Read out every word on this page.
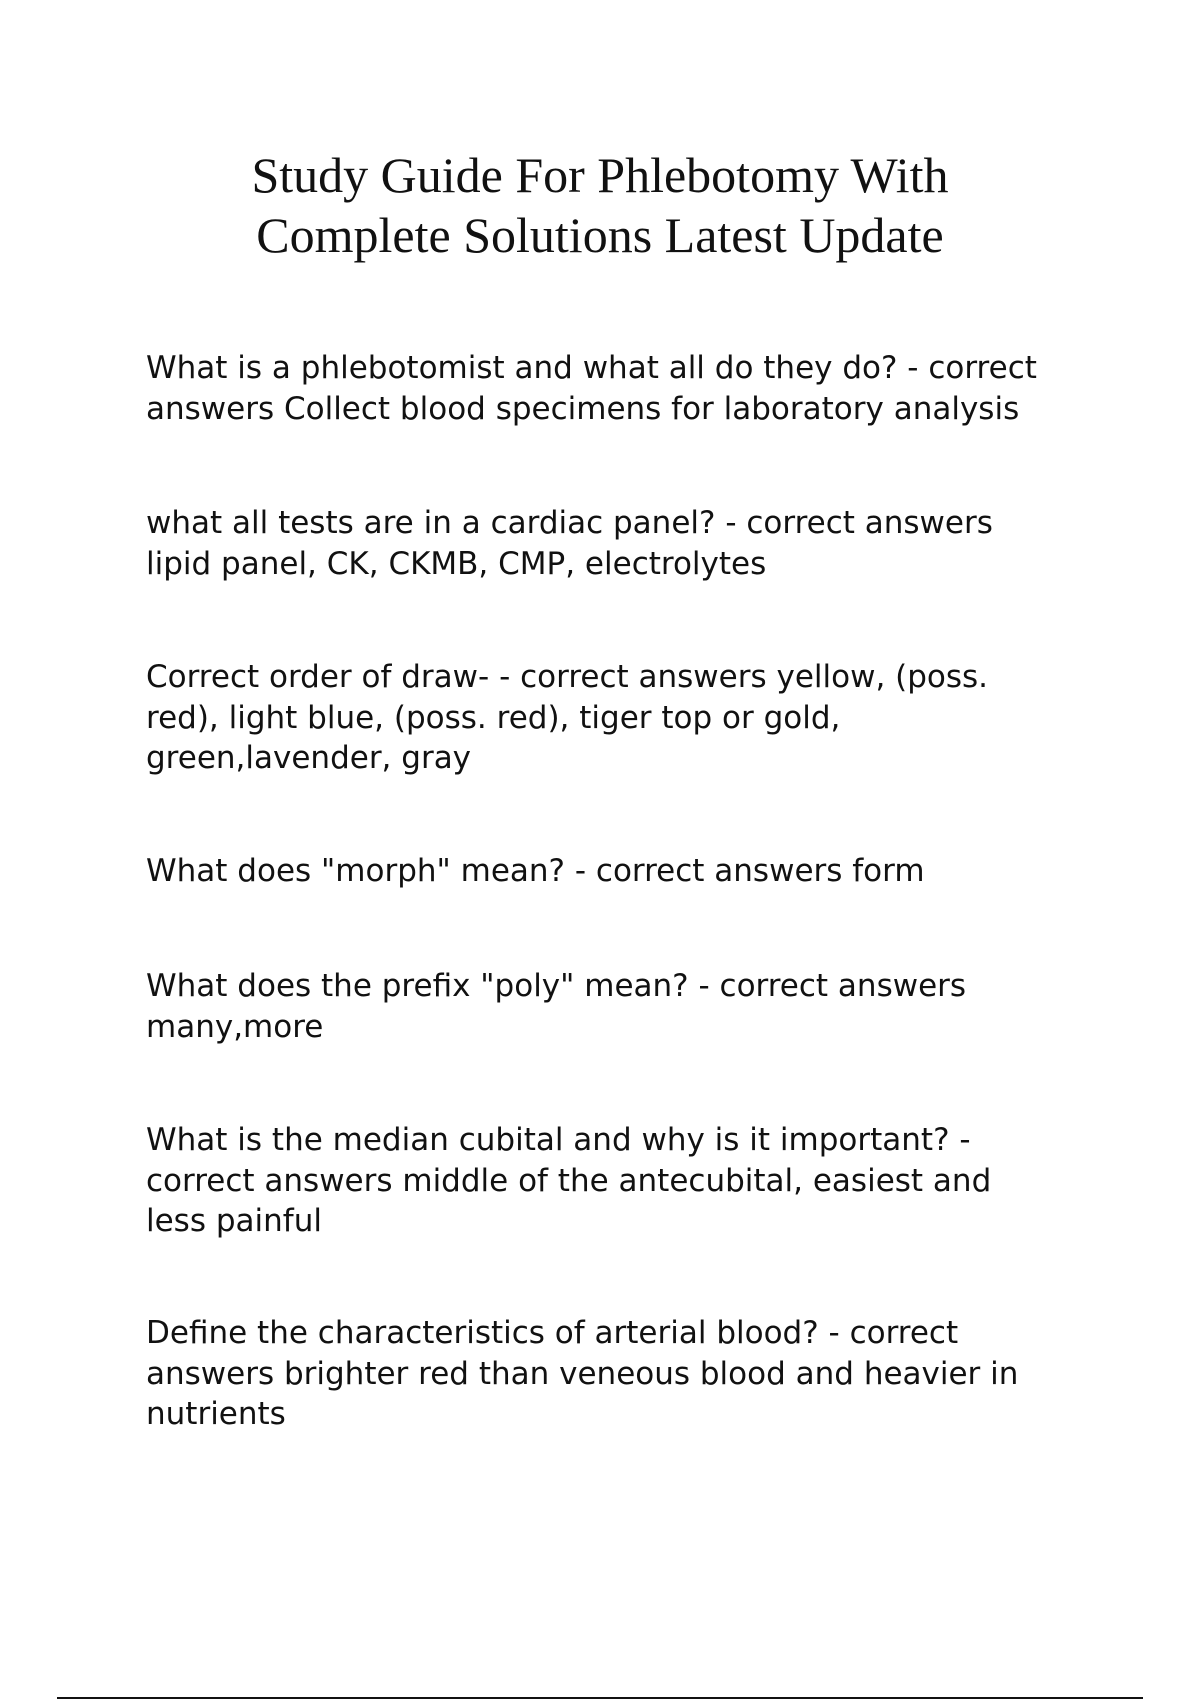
Study Guide For Phlebotomy With
Complete Solutions Latest Update

What is a phlebotomist and what all do they do? - correct
answers Collect blood specimens for laboratory analysis

what all tests are in a cardiac panel? - correct answers
lipid panel, CK, CKMB, CMP, electrolytes

Correct order of draw- - correct answers yellow, (poss.
red), light blue, (poss. red), tiger top or gold,
green,lavender, gray

What does "morph" mean? - correct answers form

What does the prefix "poly" mean? - correct answers
many,more

What is the median cubital and why is it important? -
correct answers middle of the antecubital, easiest and
less painful

Define the characteristics of arterial blood? - correct
answers brighter red than veneous blood and heavier in
nutrients
